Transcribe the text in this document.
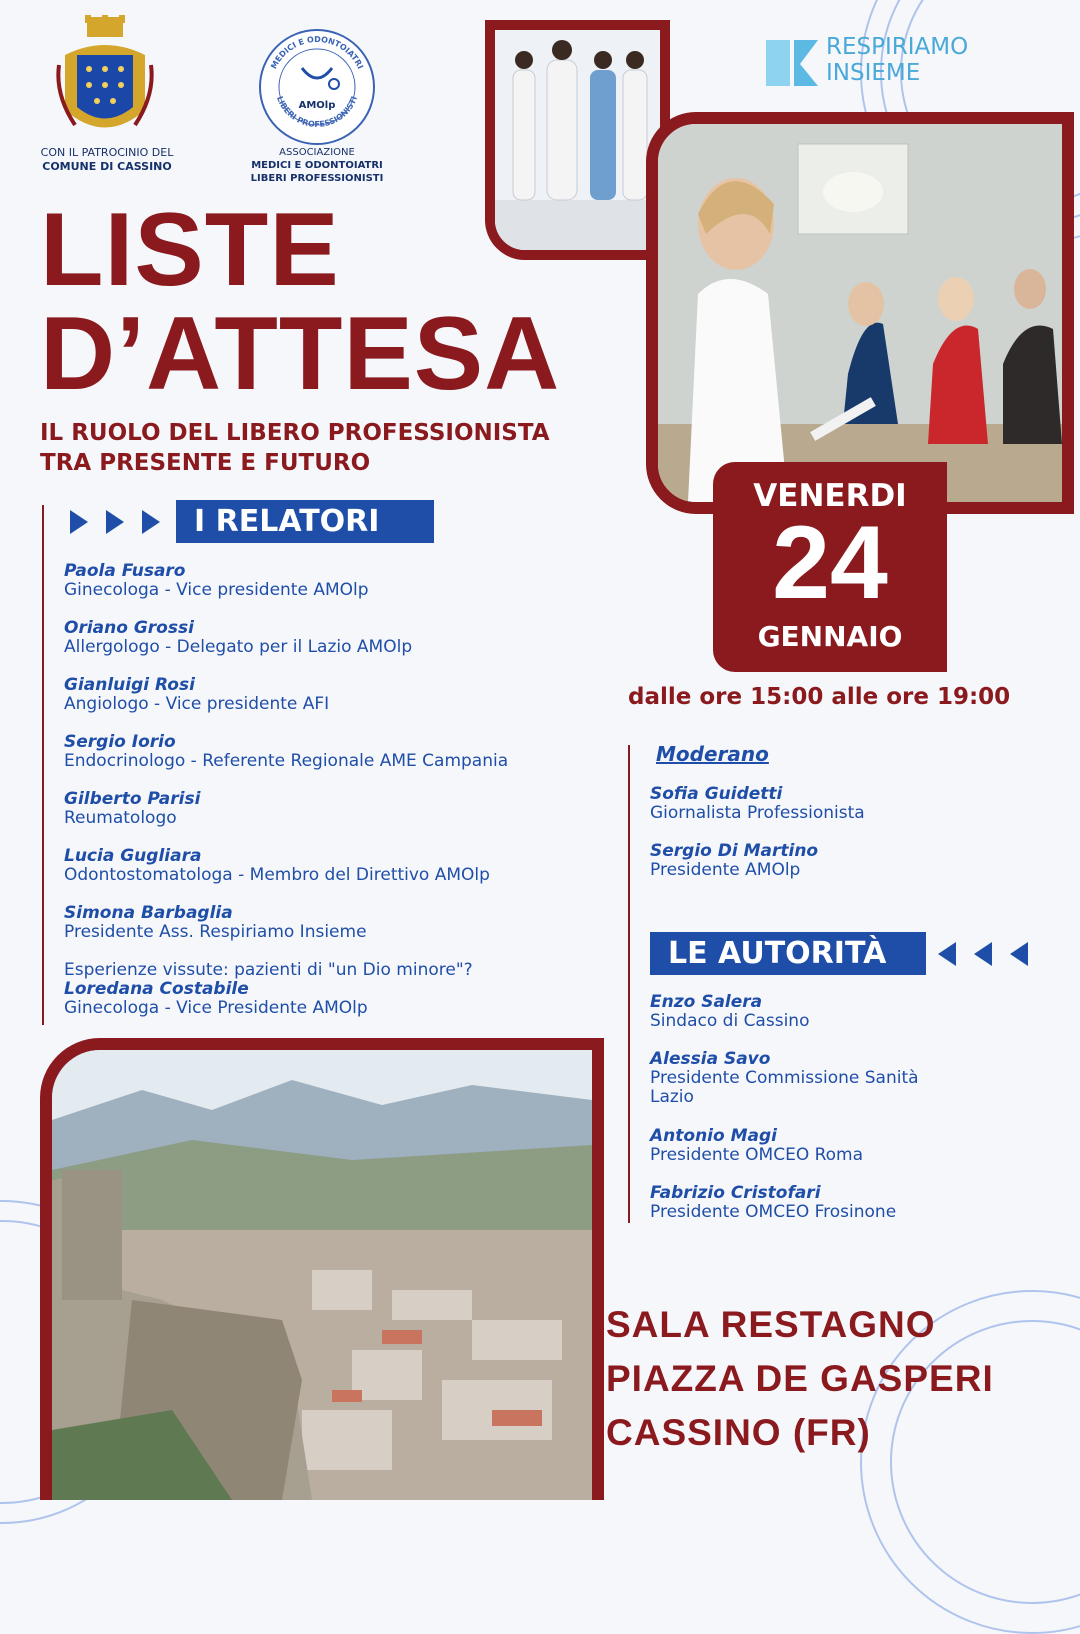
CON IL PATROCINIO DEL
COMUNE DI CASSINO
MEDICI E ODONTOIATRI
LIBERI PROFESSIONISTI
AMOlp
ASSOCIAZIONE
MEDICI E ODONTOIATRI
LIBERI PROFESSIONISTI
RESPIRIAMO
INSIEME
LISTE
D’ATTESA
IL RUOLO DEL LIBERO PROFESSIONISTA
TRA PRESENTE E FUTURO
VENERDI
24
GENNAIO
dalle ore 15:00 alle ore 19:00
I RELATORI
Paola Fusaro
Ginecologa - Vice presidente AMOlp
Oriano Grossi
Allergologo - Delegato per il Lazio AMOlp
Gianluigi Rosi
Angiologo - Vice presidente AFI
Sergio Iorio
Endocrinologo - Referente Regionale AME Campania
Gilberto Parisi
Reumatologo
Lucia Gugliara
Odontostomatologa - Membro del Direttivo AMOlp
Simona Barbaglia
Presidente Ass. Respiriamo Insieme
Esperienze vissute: pazienti di "un Dio minore"?
Loredana Costabile
Ginecologa - Vice Presidente AMOlp
Moderano
Sofia Guidetti
Giornalista Professionista
Sergio Di Martino
Presidente AMOlp
LE AUTORITÀ
Enzo Salera
Sindaco di Cassino
Alessia Savo
Presidente Commissione Sanità
Lazio
Antonio Magi
Presidente OMCEO Roma
Fabrizio Cristofari
Presidente OMCEO Frosinone
SALA RESTAGNO
PIAZZA DE GASPERI
CASSINO (FR)
